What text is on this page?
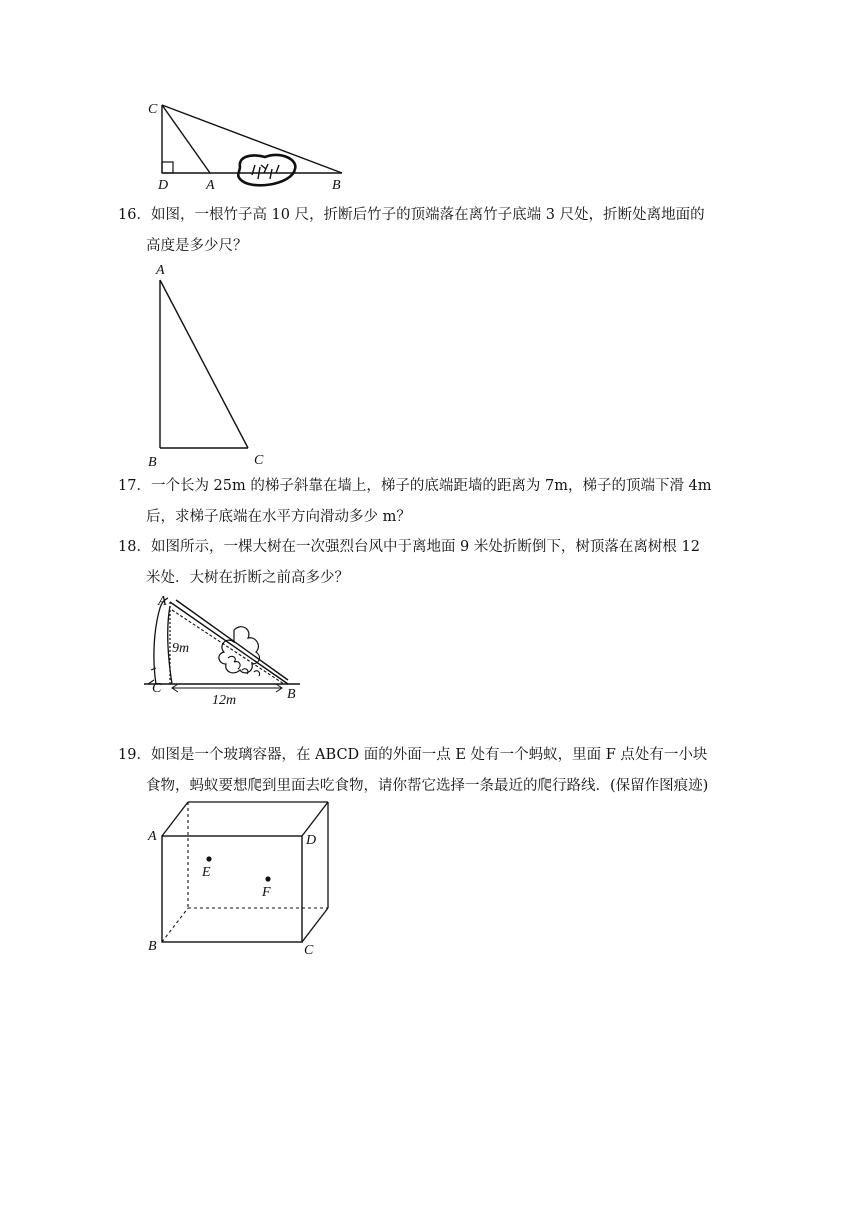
C
D	A	B
16．如图，一根竹子高 10 尺，折断后竹子的顶端落在离竹子底端 3 尺处，折断处离地面的
高度是多少尺？
A
B	C
17．一个长为 25m 的梯子斜靠在墙上，梯子的底端距墙的距离为 7m，梯子的顶端下滑 4m
后，求梯子底端在水平方向滑动多少 m？
18．如图所示，一棵大树在一次强烈台风中于离地面 9 米处折断倒下，树顶落在离树根 12
米处．大树在折断之前高多少？
C
A
B
9m
12m
19．如图是一个玻璃容器，在 ABCD 面的外面一点 E 处有一个蚂蚁，里面 F 点处有一小块
食物，蚂蚁要想爬到里面去吃食物，请你帮它选择一条最近的爬行路线．(保留作图痕迹)
A	D
B	C
E
F
